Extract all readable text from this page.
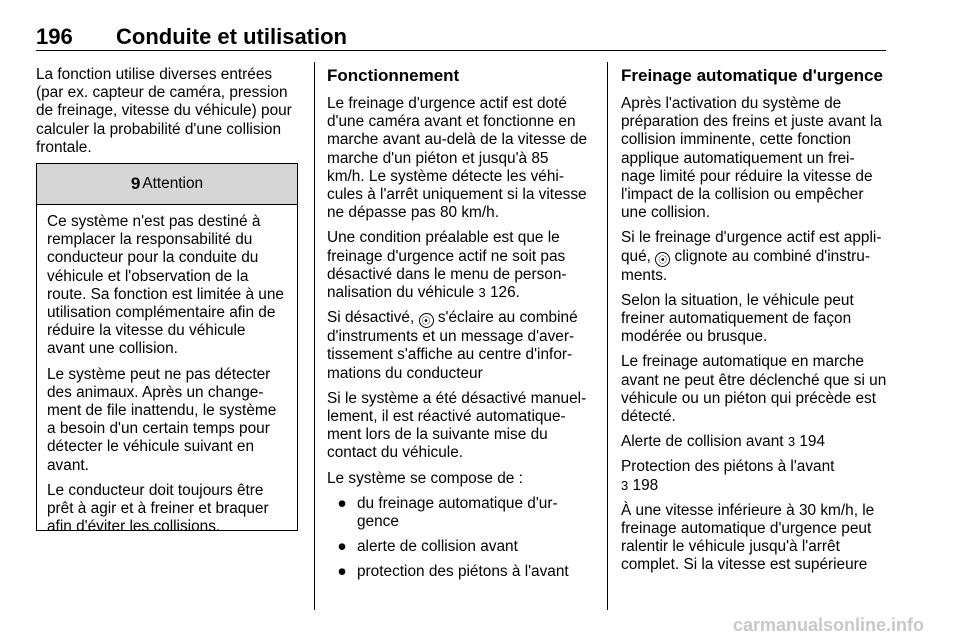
196 Conduite et utilisation

La fonction utilise diverses entrées (par ex. capteur de caméra, pression de freinage, vitesse du véhicule) pour calculer la probabilité d'une collision frontale.

9 Attention

Ce système n'est pas destiné à remplacer la responsabilité du conducteur pour la conduite du véhicule et l'observation de la route. Sa fonction est limitée à une utilisation complémentaire afin de réduire la vitesse du véhicule avant une collision.

Le système peut ne pas détecter des animaux. Après un change-ment de file inattendu, le système a besoin d'un certain temps pour détecter le véhicule suivant en avant.

Le conducteur doit toujours être prêt à agir et à freiner et braquer afin d'éviter les collisions.

Fonctionnement

Le freinage d'urgence actif est doté d'une caméra avant et fonctionne en marche avant au-delà de la vitesse de marche d'un piéton et jusqu'à 85 km/h. Le système détecte les véhi-cules à l'arrêt uniquement si la vitesse ne dépasse pas 80 km/h.

Une condition préalable est que le freinage d'urgence actif ne soit pas désactivé dans le menu de person-nalisation du véhicule 3 126.

Si désactivé, ⦿ s'éclaire au combiné d'instruments et un message d'aver-tissement s'affiche au centre d'infor-mations du conducteur

Si le système a été désactivé manuel-lement, il est réactivé automatique-ment lors de la suivante mise du contact du véhicule.

Le système se compose de :

● du freinage automatique d'ur-gence
● alerte de collision avant
● protection des piétons à l'avant
Freinage automatique d'urgence

Après l'activation du système de préparation des freins et juste avant la collision imminente, cette fonction applique automatiquement un frei-nage limité pour réduire la vitesse de l'impact de la collision ou empêcher une collision.

Si le freinage d'urgence actif est appli-qué, ⦿ clignote au combiné d'instru-ments.

Selon la situation, le véhicule peut freiner automatiquement de façon modérée ou brusque.

Le freinage automatique en marche avant ne peut être déclenché que si un véhicule ou un piéton qui précède est détecté.

Alerte de collision avant 3 194

Protection des piétons à l'avant
3 198

À une vitesse inférieure à 30 km/h, le freinage automatique d'urgence peut ralentir le véhicule jusqu'à l'arrêt complet. Si la vitesse est supérieure

carmanualsonline.info
